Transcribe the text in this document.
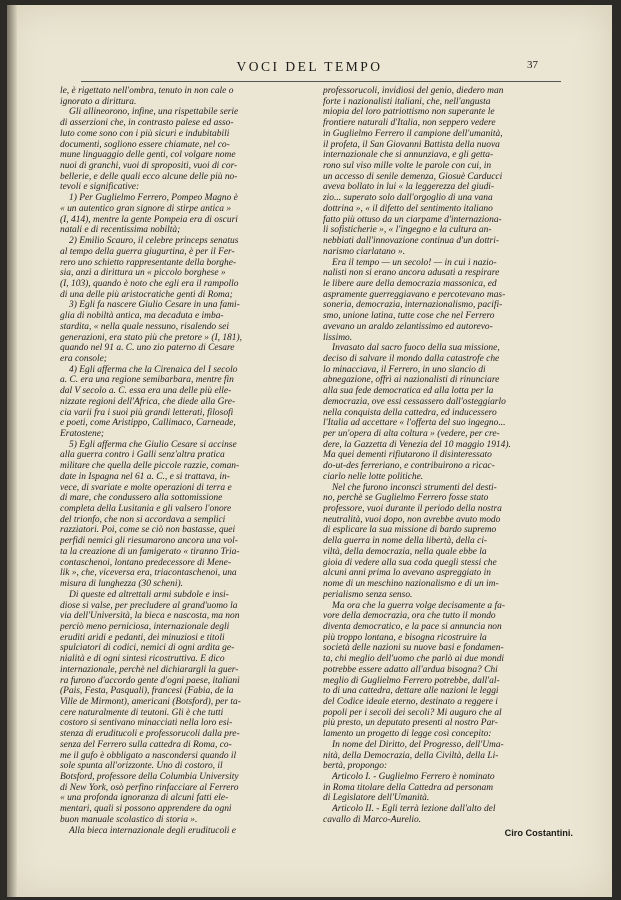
VOCI DEL TEMPO	37

le, è rigettato nell'ombra, tenuto in non cale o

ignorato a dirittura.

Gli allineorono, infine, una rispettabile serie

di asserzioni che, in contrasto palese ed asso-

luto come sono con i più sicuri e indubitabili

documenti, sogliono essere chiamate, nel co-

mune linguaggio delle genti, col volgare nome

nuoi di granchi, vuoi di spropositi, vuoi di cor-

bellerie, e delle quali ecco alcune delle più no-

tevoli e significative:

1) Per Guglielmo Ferrero, Pompeo Magno è

« un autentico gran signore di stirpe antica »

(I, 414), mentre la gente Pompeia era di oscuri

natali e di recentissima nobiltà;

2) Emilio Scauro, il celebre princeps senatus

al tempo della guerra giugurtina, è per il Fer-

rero uno schietto rappresentante della borghe-

sia, anzi a dirittura un « piccolo borghese »

(I, 103), quando è noto che egli era il rampollo

di una delle più aristocratiche genti di Roma;

3) Egli fa nascere Giulio Cesare in una fami-

glia di nobiltà antica, ma decaduta e imba-

stardita, « nella quale nessuno, risalendo sei

generazioni, era stato più che pretore » (I, 181),

quando nel 91 a. C. uno zio paterno di Cesare

era console;

4) Egli afferma che la Cirenaica del I secolo

a. C. era una regione semibarbara, mentre fin

dal V secolo a. C. essa era una delle più elle-

nizzate regioni dell'Africa, che diede alla Gre-

cia varii fra i suoi più grandi letterati, filosofi

e poeti, come Aristippo, Callimaco, Carneade,

Eratostene;

5) Egli afferma che Giulio Cesare si accinse

alla guerra contro i Galli senz'altra pratica

militare che quella delle piccole razzie, coman-

date in Ispagna nel 61 a. C., e si trattava, in-

vece, di svariate e molte operazioni di terra e

di mare, che condussero alla sottomissione

completa della Lusitania e gli valsero l'onore

del trionfo, che non si accordava a semplici

razziatori. Poi, come se ciò non bastasse, quei

perfidi nemici gli riesumarono ancora una vol-

ta la creazione di un famigerato « tiranno Tria-

contaschenoi, lontano predecessore di Mene-

lik », che, viceversa era, triacontaschenoi, una

misura di lunghezza (30 scheni).

Di queste ed altrettali armi subdole e insi-

diose si valse, per precludere al grand'uomo la

via dell'Università, la bieca e nascosta, ma non

perciò meno perniciosa, internazionale degli

eruditi aridi e pedanti, dei minuziosi e titoli

spulciatori di codici, nemici di ogni ardita ge-

nialità e di ogni sintesi ricostruttiva. E dico

internazionale, perchè nel dichiarargli la guer-

ra furono d'accordo gente d'ogni paese, italiani

(Pais, Festa, Pasquali), francesi (Fabia, de la

Ville de Mirmont), americani (Botsford), per ta-

cere naturalmente di teutoni. Gli è che tutti

costoro si sentivano minacciati nella loro esi-

stenza di eruditucoli e professorucoli dalla pre-

senza del Ferrero sulla cattedra di Roma, co-

me il gufo è obbligato a nascondersi quando il

sole spunta all'orizzonte. Uno di costoro, il

Botsford, professore della Columbia University

di New York, osò perfino rinfacciare al Ferrero

« una profonda ignoranza di alcuni fatti ele-

mentari, quali si possono apprendere da ogni

buon manuale scolastico di storia ».

Alla bieca internazionale degli eruditucoli e

professorucoli, invidiosi del genio, diedero man

forte i nazionalisti italiani, che, nell'angusta

miopia del loro patriottismo non superante le

frontiere naturali d'Italia, non seppero vedere

in Guglielmo Ferrero il campione dell'umanità,

il profeta, il San Giovanni Battista della nuova

internazionale che si annunziava, e gli getta-

rono sul viso mille volte le parole con cui, in

un accesso di senile demenza, Giosuè Carducci

aveva bollato in lui « la leggerezza del giudi-

zio... superato solo dall'orgoglio di una vana

dottrina », « il difetto del sentimento italiano

fatto più ottuso da un ciarpame d'internaziona-

li sofisticherie », « l'ingegno e la cultura an-

nebbiati dall'innovazione continua d'un dottri-

narismo ciarlatano ».

Era il tempo — un secolo! — in cui i nazio-

nalisti non si erano ancora adusati a respirare

le libere aure della democrazia massonica, ed

aspramente guerreggiavano e percotevano mas-

soneria, democrazia, internazionalismo, pacifi-

smo, unione latina, tutte cose che nel Ferrero

avevano un araldo zelantissimo ed autorevo-

lissimo.

Invasato dal sacro fuoco della sua missione,

deciso di salvare il mondo dalla catastrofe che

lo minacciava, il Ferrero, in uno slancio di

abnegazione, offrì ai nazionalisti di rinunciare

alla sua fede democratica ed alla lotta per la

democrazia, ove essi cessassero dall'osteggiarlo

nella conquista della cattedra, ed inducessero

l'Italia ad accettare « l'offerta del suo ingegno...

per un'opera di alta coltura » (vedere, per cre-

dere, la Gazzetta di Venezia del 10 maggio 1914).

Ma quei dementi rifiutarono il disinteressato

do-ut-des ferreriano, e contribuirono a ricac-

ciarlo nelle lotte politiche.

Nel che furono inconsci strumenti del desti-

no, perchè se Guglielmo Ferrero fosse stato

professore, vuoi durante il periodo della nostra

neutralità, vuoi dopo, non avrebbe avuto modo

di esplicare la sua missione di bardo supremo

della guerra in nome della libertà, della ci-

viltà, della democrazia, nella quale ebbe la

gioia di vedere alla sua coda quegli stessi che

alcuni anni prima lo avevano aspreggiato in

nome di un meschino nazionalismo e di un im-

perialismo senza senso.

Ma ora che la guerra volge decisamente a fa-

vore della democrazia, ora che tutto il mondo

diventa democratico, e la pace si annuncia non

più troppo lontana, e bisogna ricostruire la

società delle nazioni su nuove basi e fondamen-

ta, chi meglio dell'uomo che parlò ai due mondi

potrebbe essere adatto all'ardua bisogna? Chi

meglio di Guglielmo Ferrero potrebbe, dall'al-

to di una cattedra, dettare alle nazioni le leggi

del Codice ideale eterno, destinato a reggere i

popoli per i secoli dei secoli? Mi auguro che al

più presto, un deputato presenti al nostro Par-

lamento un progetto di legge così concepito:

In nome del Diritto, del Progresso, dell'Uma-

nità, della Democrazia, della Civiltà, della Li-

bertà, propongo:

Articolo I. - Guglielmo Ferrero è nominato

in Roma titolare della Cattedra ad personam

di Legislatore dell'Umanità.

Articolo II. - Egli terrà lezione dall'alto del

cavallo di Marco-Aurelio.

Ciro Costantini.
